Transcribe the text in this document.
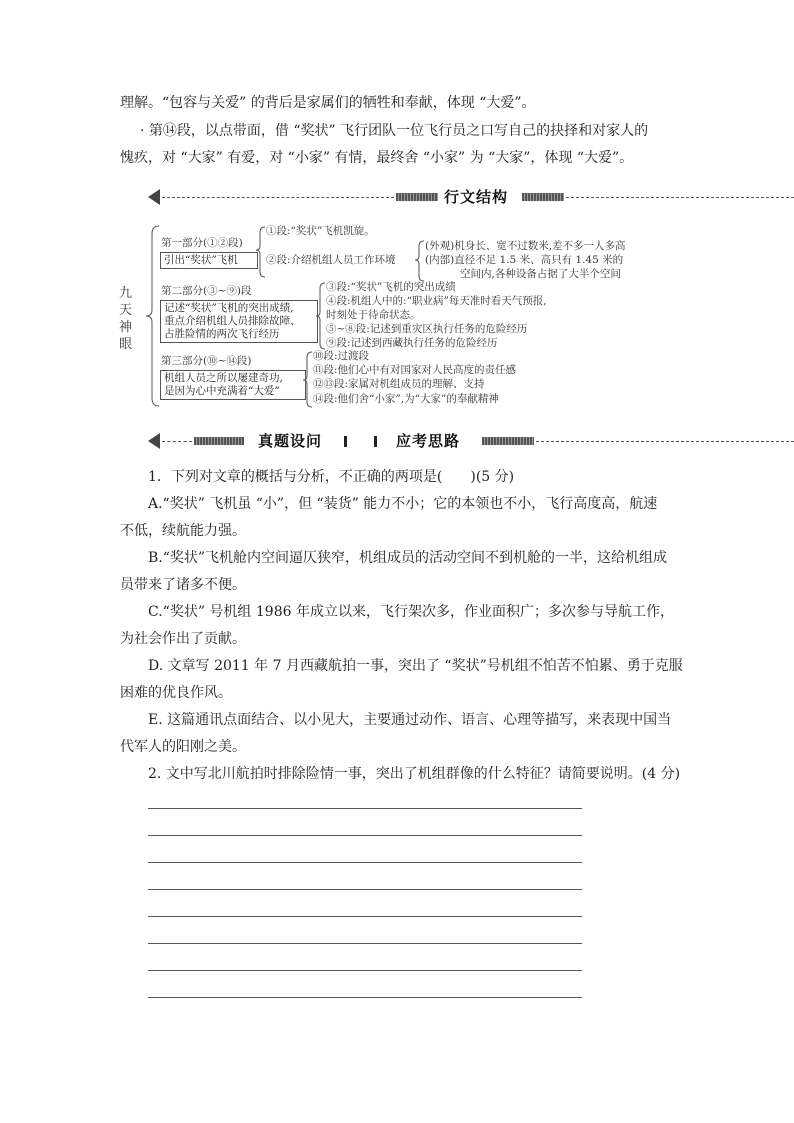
理解。“包容与关爱” 的背后是家属们的牺牲和奉献，体现 “大爱”。

· 第⑭段，以点带面，借 “奖状” 飞行团队一位飞行员之口写自己的抉择和对家人的

愧疚，对 “大家” 有爱，对 “小家” 有情，最终舍 “小家” 为 “大家”，体现 “大爱”。

行文结构
九天神眼
第一部分(①②段)
引出“奖状”飞机
①段:“奖状”飞机凯旋。
②段:介绍机组人员工作环境
(外观)机身长、宽不过数米,差不多一人多高
(内部)直径不足 1.5 米、高只有 1.45 米的
空间内,各种设备占据了大半个空间
第二部分(③~⑨)段
记述“奖状”飞机的突出成绩,
重点介绍机组人员排除故障、
占胜险情的两次飞行经历
③段:“奖状”飞机的突出成绩
④段:机组人中的:“职业病”每天准时看天气预报,
时刻处于待命状态。
⑤~⑧段:记述到重灾区执行任务的危险经历
⑨段:记述到西藏执行任务的危险经历
第三部分(⑩~⑭段)
机组人员之所以屡建奇功,
是因为心中充满着“大爱”
⑩段:过渡段
⑪段:他们心中有对国家对人民高度的责任感
⑫⑬段:家属对机组成员的理解、支持
⑭段:他们舍“小家”,为“大家”的奉献精神
真题设问	应考思路

1．下列对文章的概括与分析，不正确的两项是(　　)(5 分)

A.“奖状” 飞机虽 “小”，但 “装货” 能力不小；它的本领也不小，飞行高度高，航速

不低，续航能力强。

B.“奖状”飞机舱内空间逼仄狭窄，机组成员的活动空间不到机舱的一半，这给机组成

员带来了诸多不便。

C.“奖状” 号机组 1986 年成立以来，飞行架次多，作业面积广；多次参与导航工作，

为社会作出了贡献。

D. 文章写 2011 年 7 月西藏航拍一事，突出了 “奖状”号机组不怕苦不怕累、勇于克服

困难的优良作风。

E. 这篇通讯点面结合、以小见大，主要通过动作、语言、心理等描写，来表现中国当

代军人的阳刚之美。

2. 文中写北川航拍时排除险情一事，突出了机组群像的什么特征？请简要说明。(4 分)
